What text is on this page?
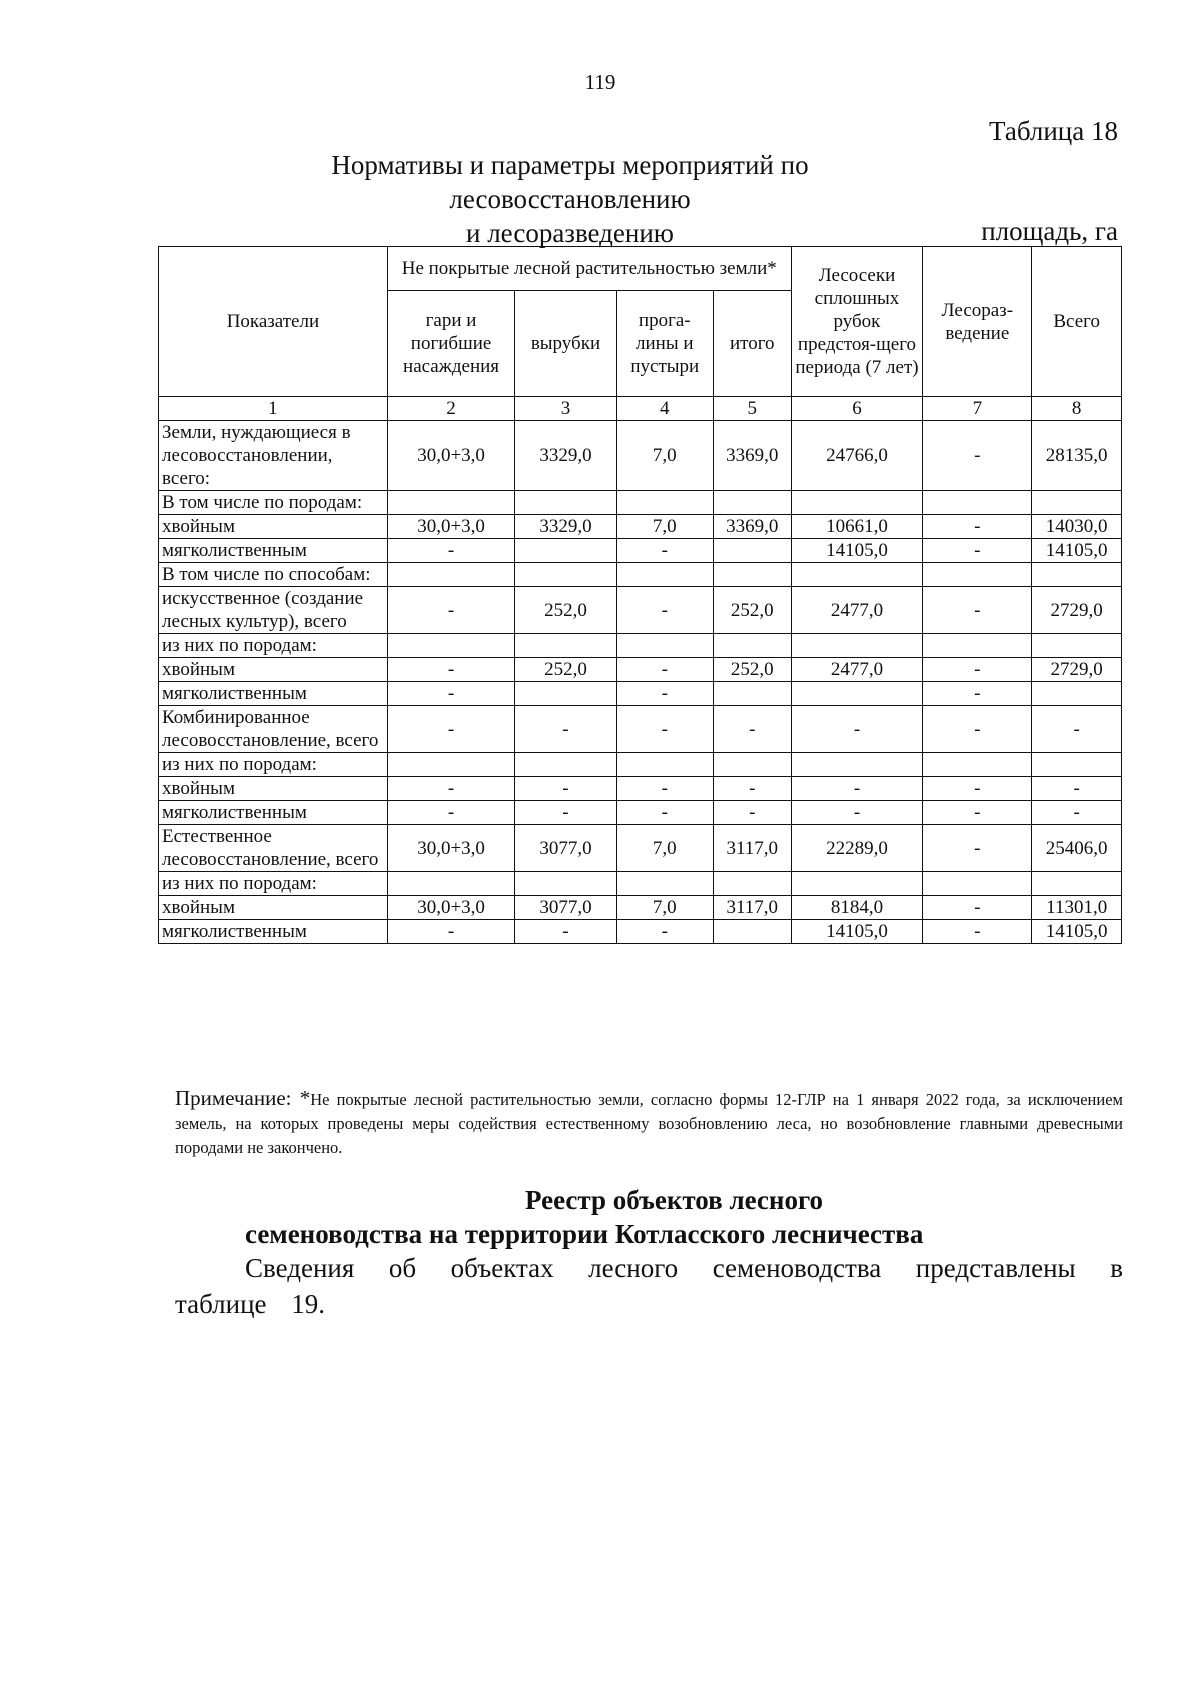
119
Таблица 18
Нормативы и параметры мероприятий по лесовосстановлению
и лесоразведению	площадь, га
Показатели	Не покрытые лесной растительностью земли*				Лесосеки сплошных рубок предстоя-щего периода (7 лет)	Лесораз-ведение	Всего
	гари и погибшие насаждения	вырубки	прога-лины и пустыри	итого			
1	2	3	4	5	6	7	8
Земли, нуждающиеся в лесовосстановлении, всего:	30,0+3,0	3329,0	7,0	3369,0	24766,0	-	28135,0
В том числе по породам:							
хвойным	30,0+3,0	3329,0	7,0	3369,0	10661,0	-	14030,0
мягколиственным	-		-		14105,0	-	14105,0
В том числе по способам:							
искусственное (создание лесных культур), всего	-	252,0	-	252,0	2477,0	-	2729,0
из них по породам:							
хвойным	-	252,0	-	252,0	2477,0	-	2729,0
мягколиственным	-		-			-	
Комбинированное лесовосстановление, всего	-	-	-	-	-	-	-
из них по породам:							
хвойным	-	-	-	-	-	-	-
мягколиственным	-	-	-	-	-	-	-
Естественное лесовосстановление, всего	30,0+3,0	3077,0	7,0	3117,0	22289,0	-	25406,0
из них по породам:							
хвойным	30,0+3,0	3077,0	7,0	3117,0	8184,0	-	11301,0
мягколиственным	-	-	-		14105,0	-	14105,0
Примечание: *Не покрытые лесной растительностью земли, согласно формы 12-ГЛР на 1 января 2022 года, за исключением земель, на которых проведены меры содействия естественному возобновлению леса, но возобновление главными древесными породами не закончено.
Реестр объектов лесного
семеноводства на территории Котласского лесничества
Сведения об объектах лесного семеноводства представлены в таблице 19.
